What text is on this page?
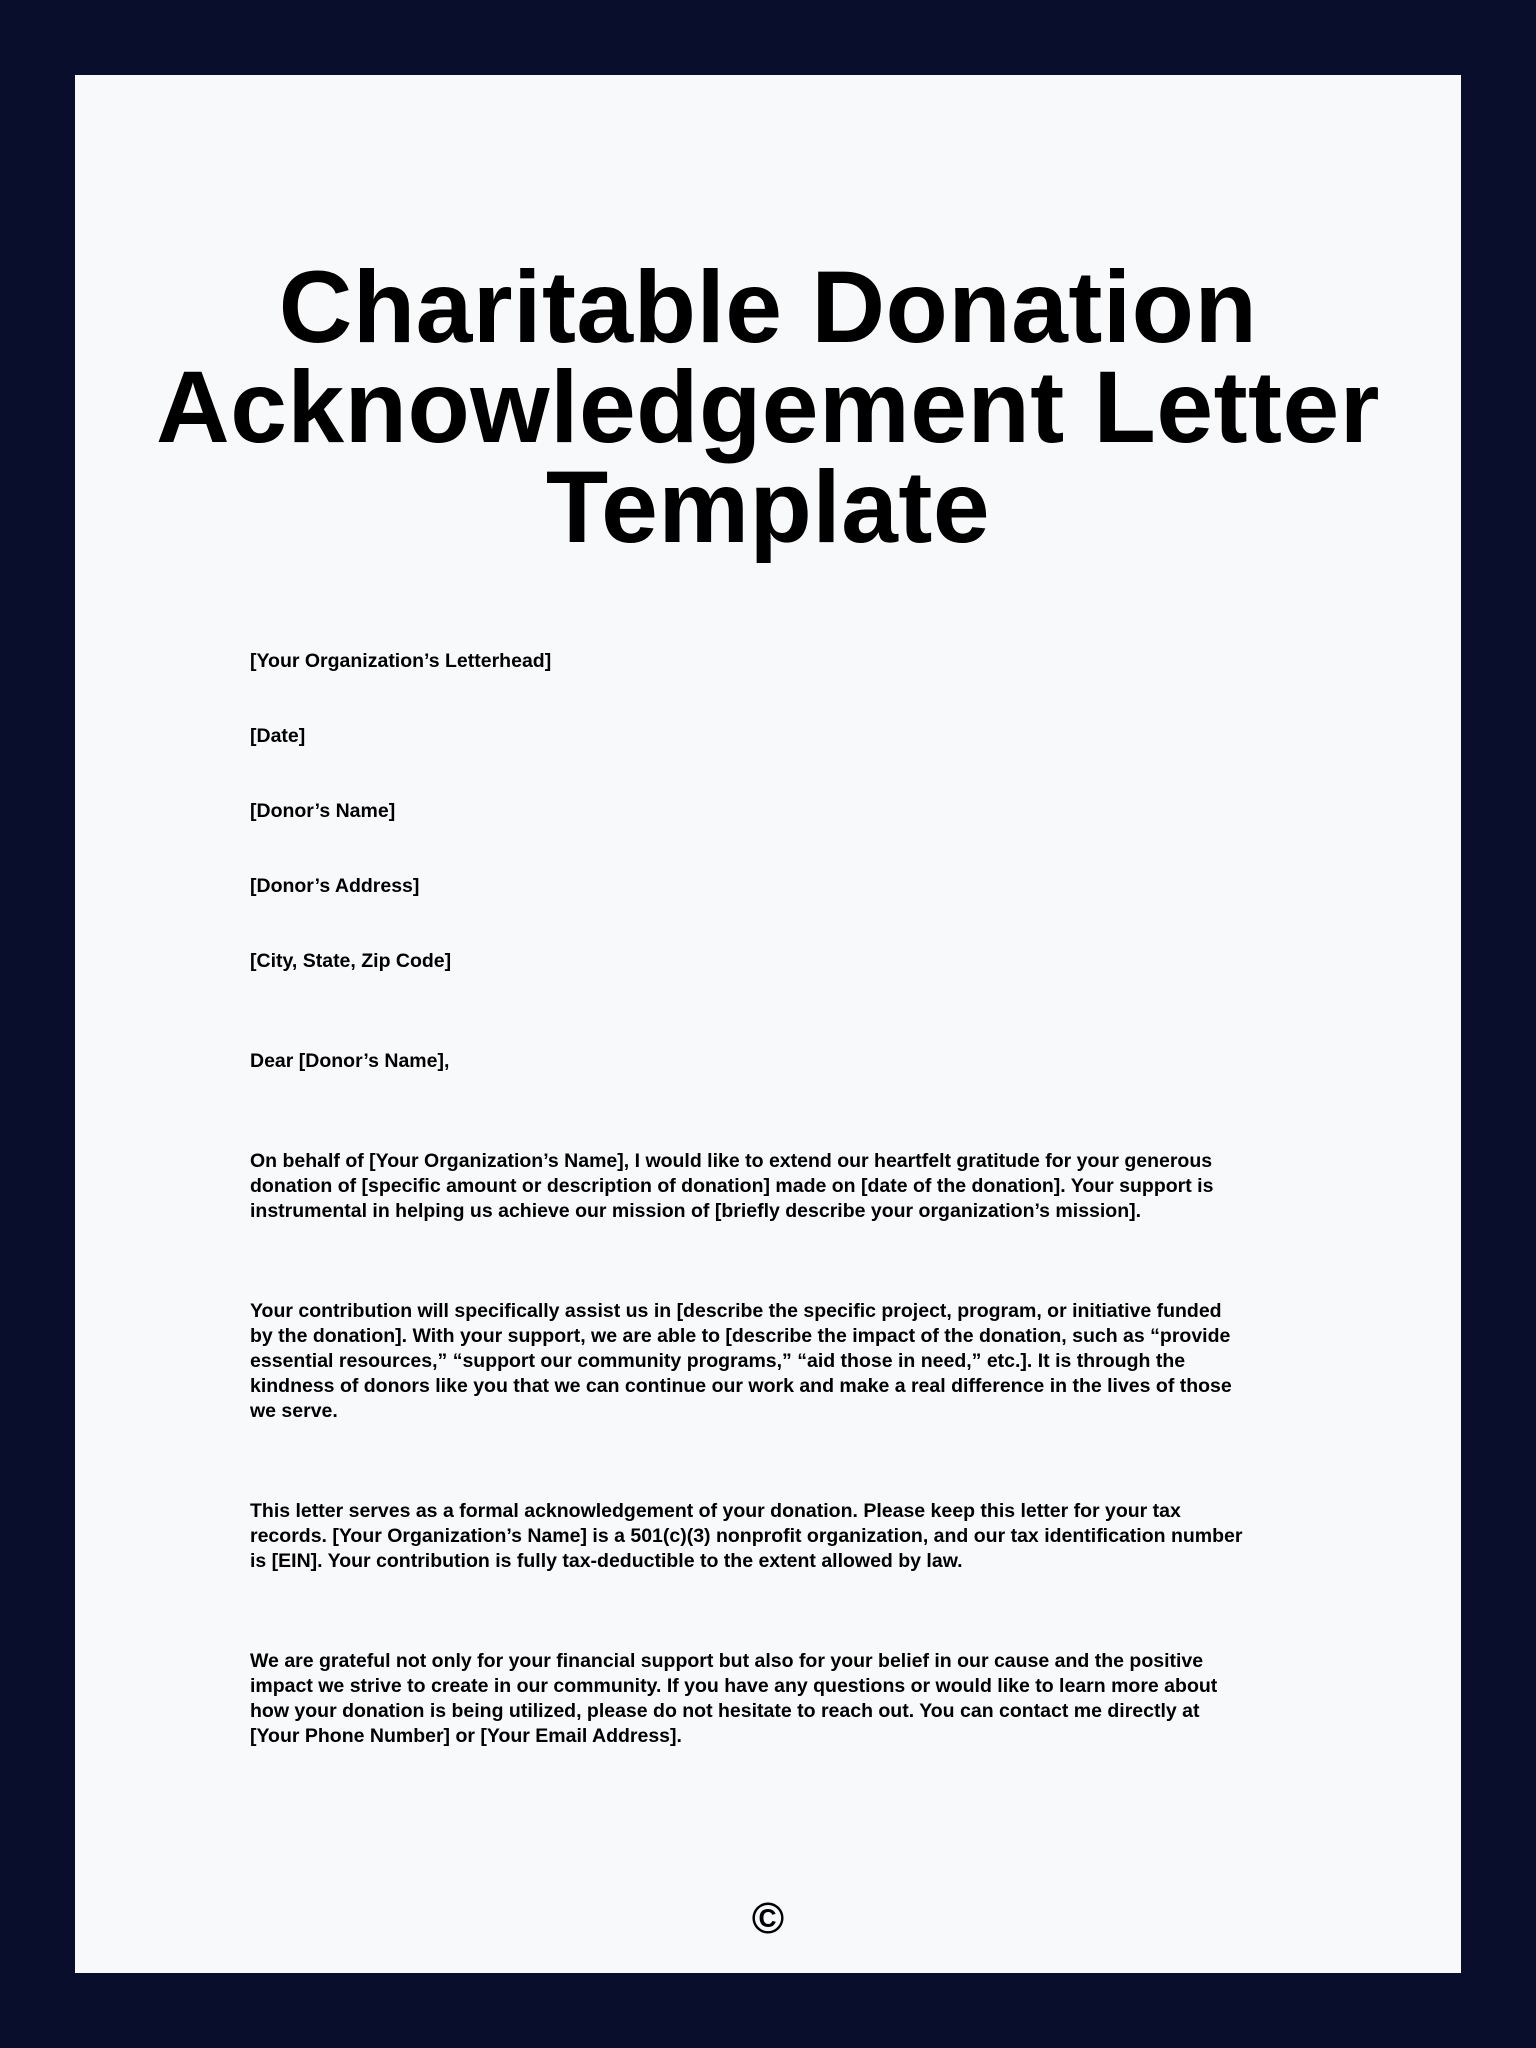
Charitable Donation
Acknowledgement Letter
Template
[Your Organization’s Letterhead]
[Date]
[Donor’s Name]
[Donor’s Address]
[City, State, Zip Code]
Dear [Donor’s Name],
On behalf of [Your Organization’s Name], I would like to extend our heartfelt gratitude for your generous
donation of [specific amount or description of donation] made on [date of the donation]. Your support is
instrumental in helping us achieve our mission of [briefly describe your organization’s mission].
Your contribution will specifically assist us in [describe the specific project, program, or initiative funded
by the donation]. With your support, we are able to [describe the impact of the donation, such as “provide
essential resources,” “support our community programs,” “aid those in need,” etc.]. It is through the
kindness of donors like you that we can continue our work and make a real difference in the lives of those
we serve.
This letter serves as a formal acknowledgement of your donation. Please keep this letter for your tax
records. [Your Organization’s Name] is a 501(c)(3) nonprofit organization, and our tax identification number
is [EIN]. Your contribution is fully tax-deductible to the extent allowed by law.
We are grateful not only for your financial support but also for your belief in our cause and the positive
impact we strive to create in our community. If you have any questions or would like to learn more about
how your donation is being utilized, please do not hesitate to reach out. You can contact me directly at
[Your Phone Number] or [Your Email Address].
©
